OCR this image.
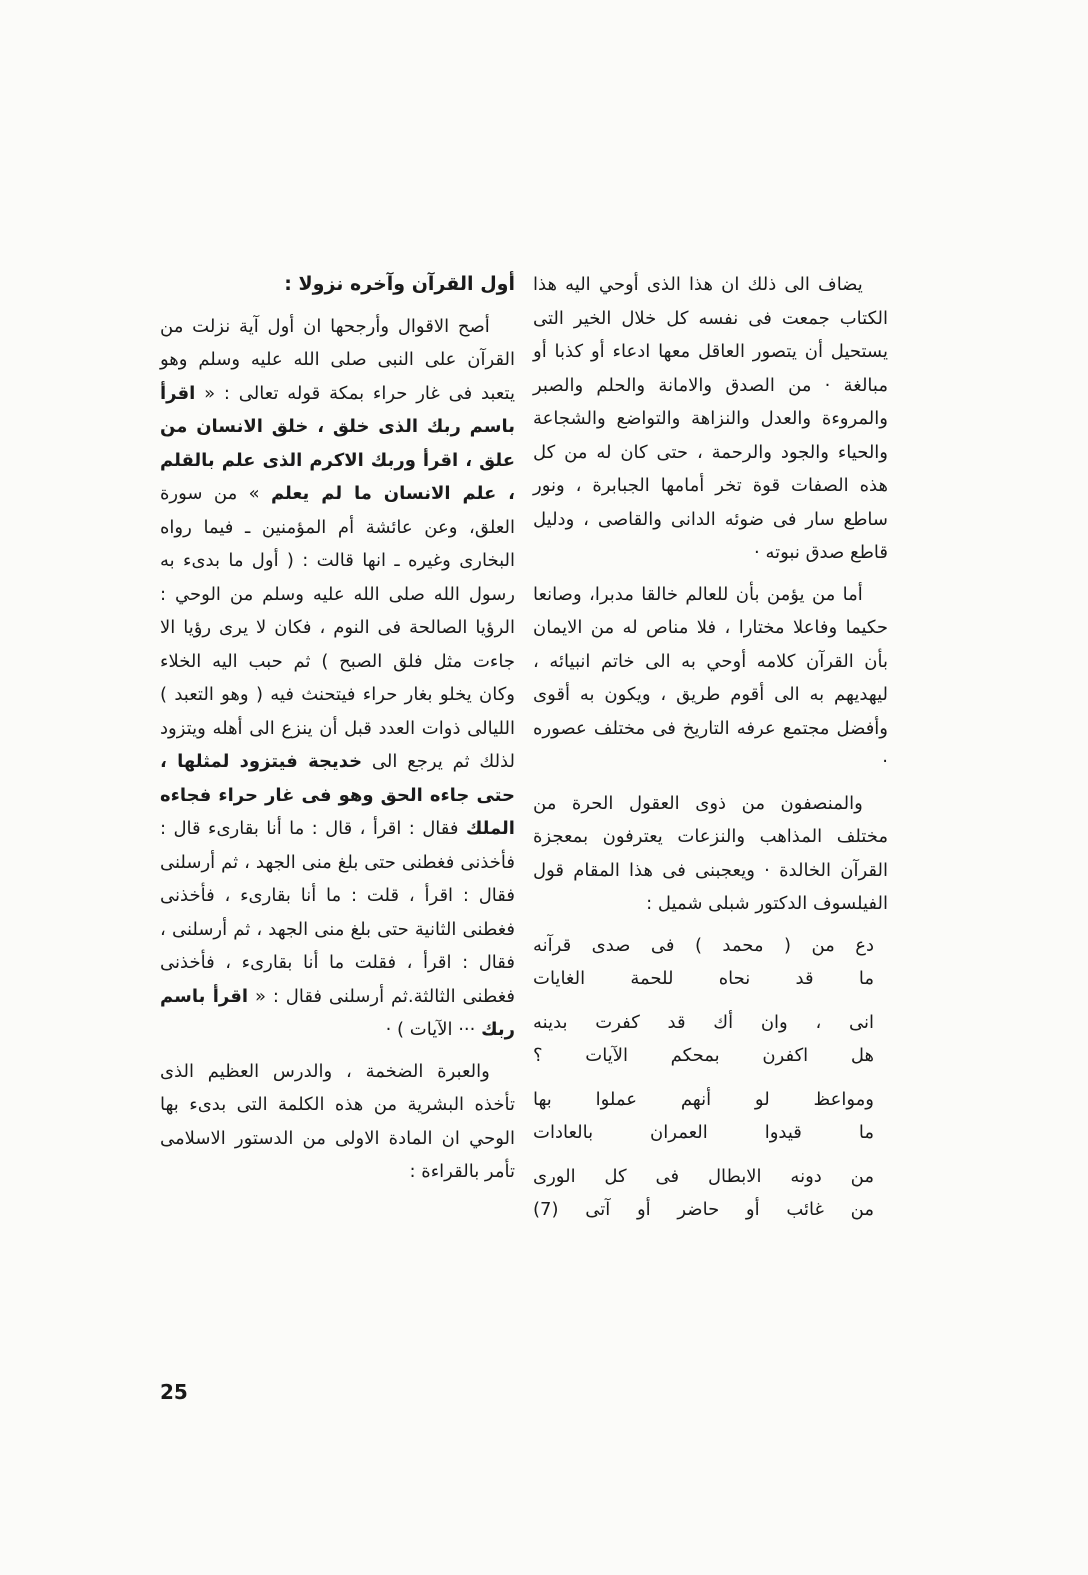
يضاف الى ذلك ان هذا الذى أوحي اليه هذا الكتاب جمعت فى نفسه كل خلال الخير التى يستحيل أن يتصور العاقل معها ادعاء أو كذبا أو مبالغة · من الصدق والامانة والحلم والصبر والمروءة والعدل والنزاهة والتواضع والشجاعة والحياء والجود والرحمة ، حتى كان له من كل هذه الصفات قوة تخر أمامها الجبابرة ، ونور ساطع سار فى ضوئه الدانى والقاصى ، ودليل قاطع صدق نبوته ·

أما من يؤمن بأن للعالم خالقا مدبرا، وصانعا حكيما وفاعلا مختارا ، فلا مناص له من الايمان بأن القرآن كلامه أوحي به الى خاتم انبيائه ، ليهديهم به الى أقوم طريق ، ويكون به أقوى وأفضل مجتمع عرفه التاريخ فى مختلف عصوره ·

والمنصفون من ذوى العقول الحرة من مختلف المذاهب والنزعات يعترفون بمعجزة القرآن الخالدة · ويعجبنى فى هذا المقام قول الفيلسوف الدكتور شبلى شميل :

دع من ( محمد ) فى صدى قرآنه
ما قد نحاه للحمة الغايات
انى ، وان أك قد كفرت بدينه
هل اكفرن بمحكم الآيات ؟
ومواعظ لو أنهم عملوا بها
ما قيدوا العمران بالعادات
من دونه الابطال فى كل الورى
من غائب أو حاضر أو آتى (7)

أول القرآن وآخره نزولا :

أصح الاقوال وأرجحها ان أول آية نزلت من القرآن على النبى صلى الله عليه وسلم وهو يتعبد فى غار حراء بمكة قوله تعالى : « اقرأ باسم ربك الذى خلق ، خلق الانسان من علق ، اقرأ وربك الاكرم الذى علم بالقلم ، علم الانسان ما لم يعلم » من سورة العلق، وعن عائشة أم المؤمنين ـ فيما رواه البخارى وغيره ـ انها قالت : ( أول ما بدىء به رسول الله صلى الله عليه وسلم من الوحي : الرؤيا الصالحة فى النوم ، فكان لا يرى رؤيا الا جاءت مثل فلق الصبح ) ثم حبب اليه الخلاء وكان يخلو بغار حراء فيتحنث فيه ( وهو التعبد ) الليالى ذوات العدد قبل أن ينزع الى أهله ويتزود لذلك ثم يرجع الى خديجة فيتزود لمثلها ، حتى جاءه الحق وهو فى غار حراء فجاءه الملك فقال : اقرأ ، قال : ما أنا بقارىء قال : فأخذنى فغطنى حتى بلغ منى الجهد ، ثم أرسلنى فقال : اقرأ ، قلت : ما أنا بقارىء ، فأخذنى فغطنى الثانية حتى بلغ منى الجهد ، ثم أرسلنى ، فقال : اقرأ ، فقلت ما أنا بقارىء ، فأخذنى فغطنى الثالثة.ثم أرسلنى فقال : « اقرأ باسم ربك ··· الآيات ) ·

والعبرة الضخمة ، والدرس العظيم الذى تأخذه البشرية من هذه الكلمة التى بدىء بها الوحي ان المادة الاولى من الدستور الاسلامى تأمر بالقراءة :

25
